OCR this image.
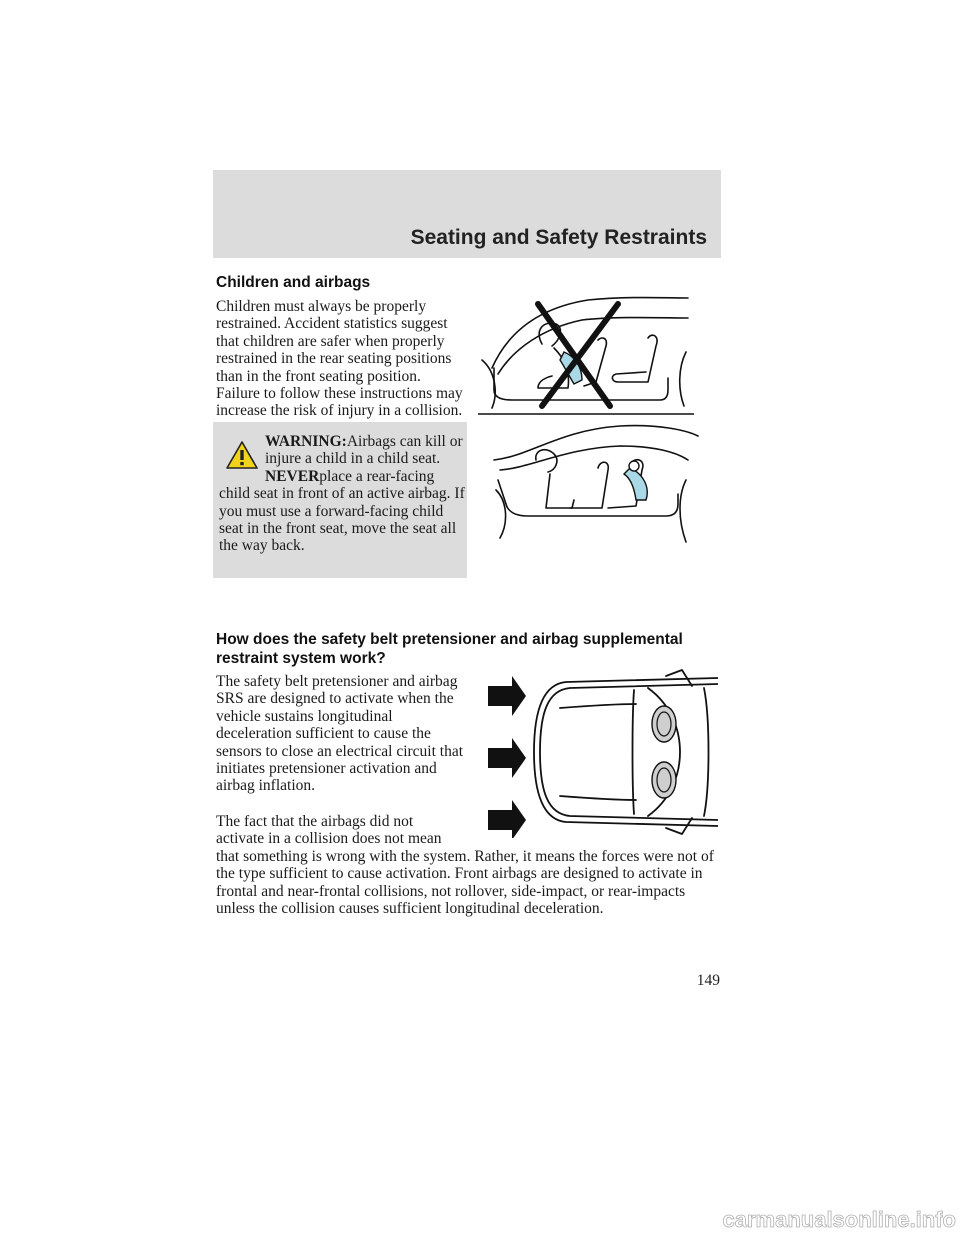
Seating and Safety Restraints
Children and airbags
Children must always be properly restrained. Accident statistics suggest that children are safer when properly restrained in the rear seating positions than in the front seating position. Failure to follow these instructions may increase the risk of injury in a collision.
WARNING:Airbags can kill or injure a child in a child seat. NEVERplace a rear-facing child seat in front of an active airbag. If you must use a forward-facing child seat in the front seat, move the seat all the way back.
How does the safety belt pretensioner and airbag supplemental restraint system work?
The safety belt pretensioner and airbag SRS are designed to activate when the vehicle sustains longitudinal deceleration sufficient to cause the sensors to close an electrical circuit that initiates pretensioner activation and airbag inflation.
The fact that the airbags did not activate in a collision does not mean that something is wrong with the system. Rather, it means the forces were not of the type sufficient to cause activation. Front airbags are designed to activate in frontal and near-frontal collisions, not rollover, side-impact, or rear-impacts unless the collision causes sufficient longitudinal deceleration.
149
carmanualsonline.info
